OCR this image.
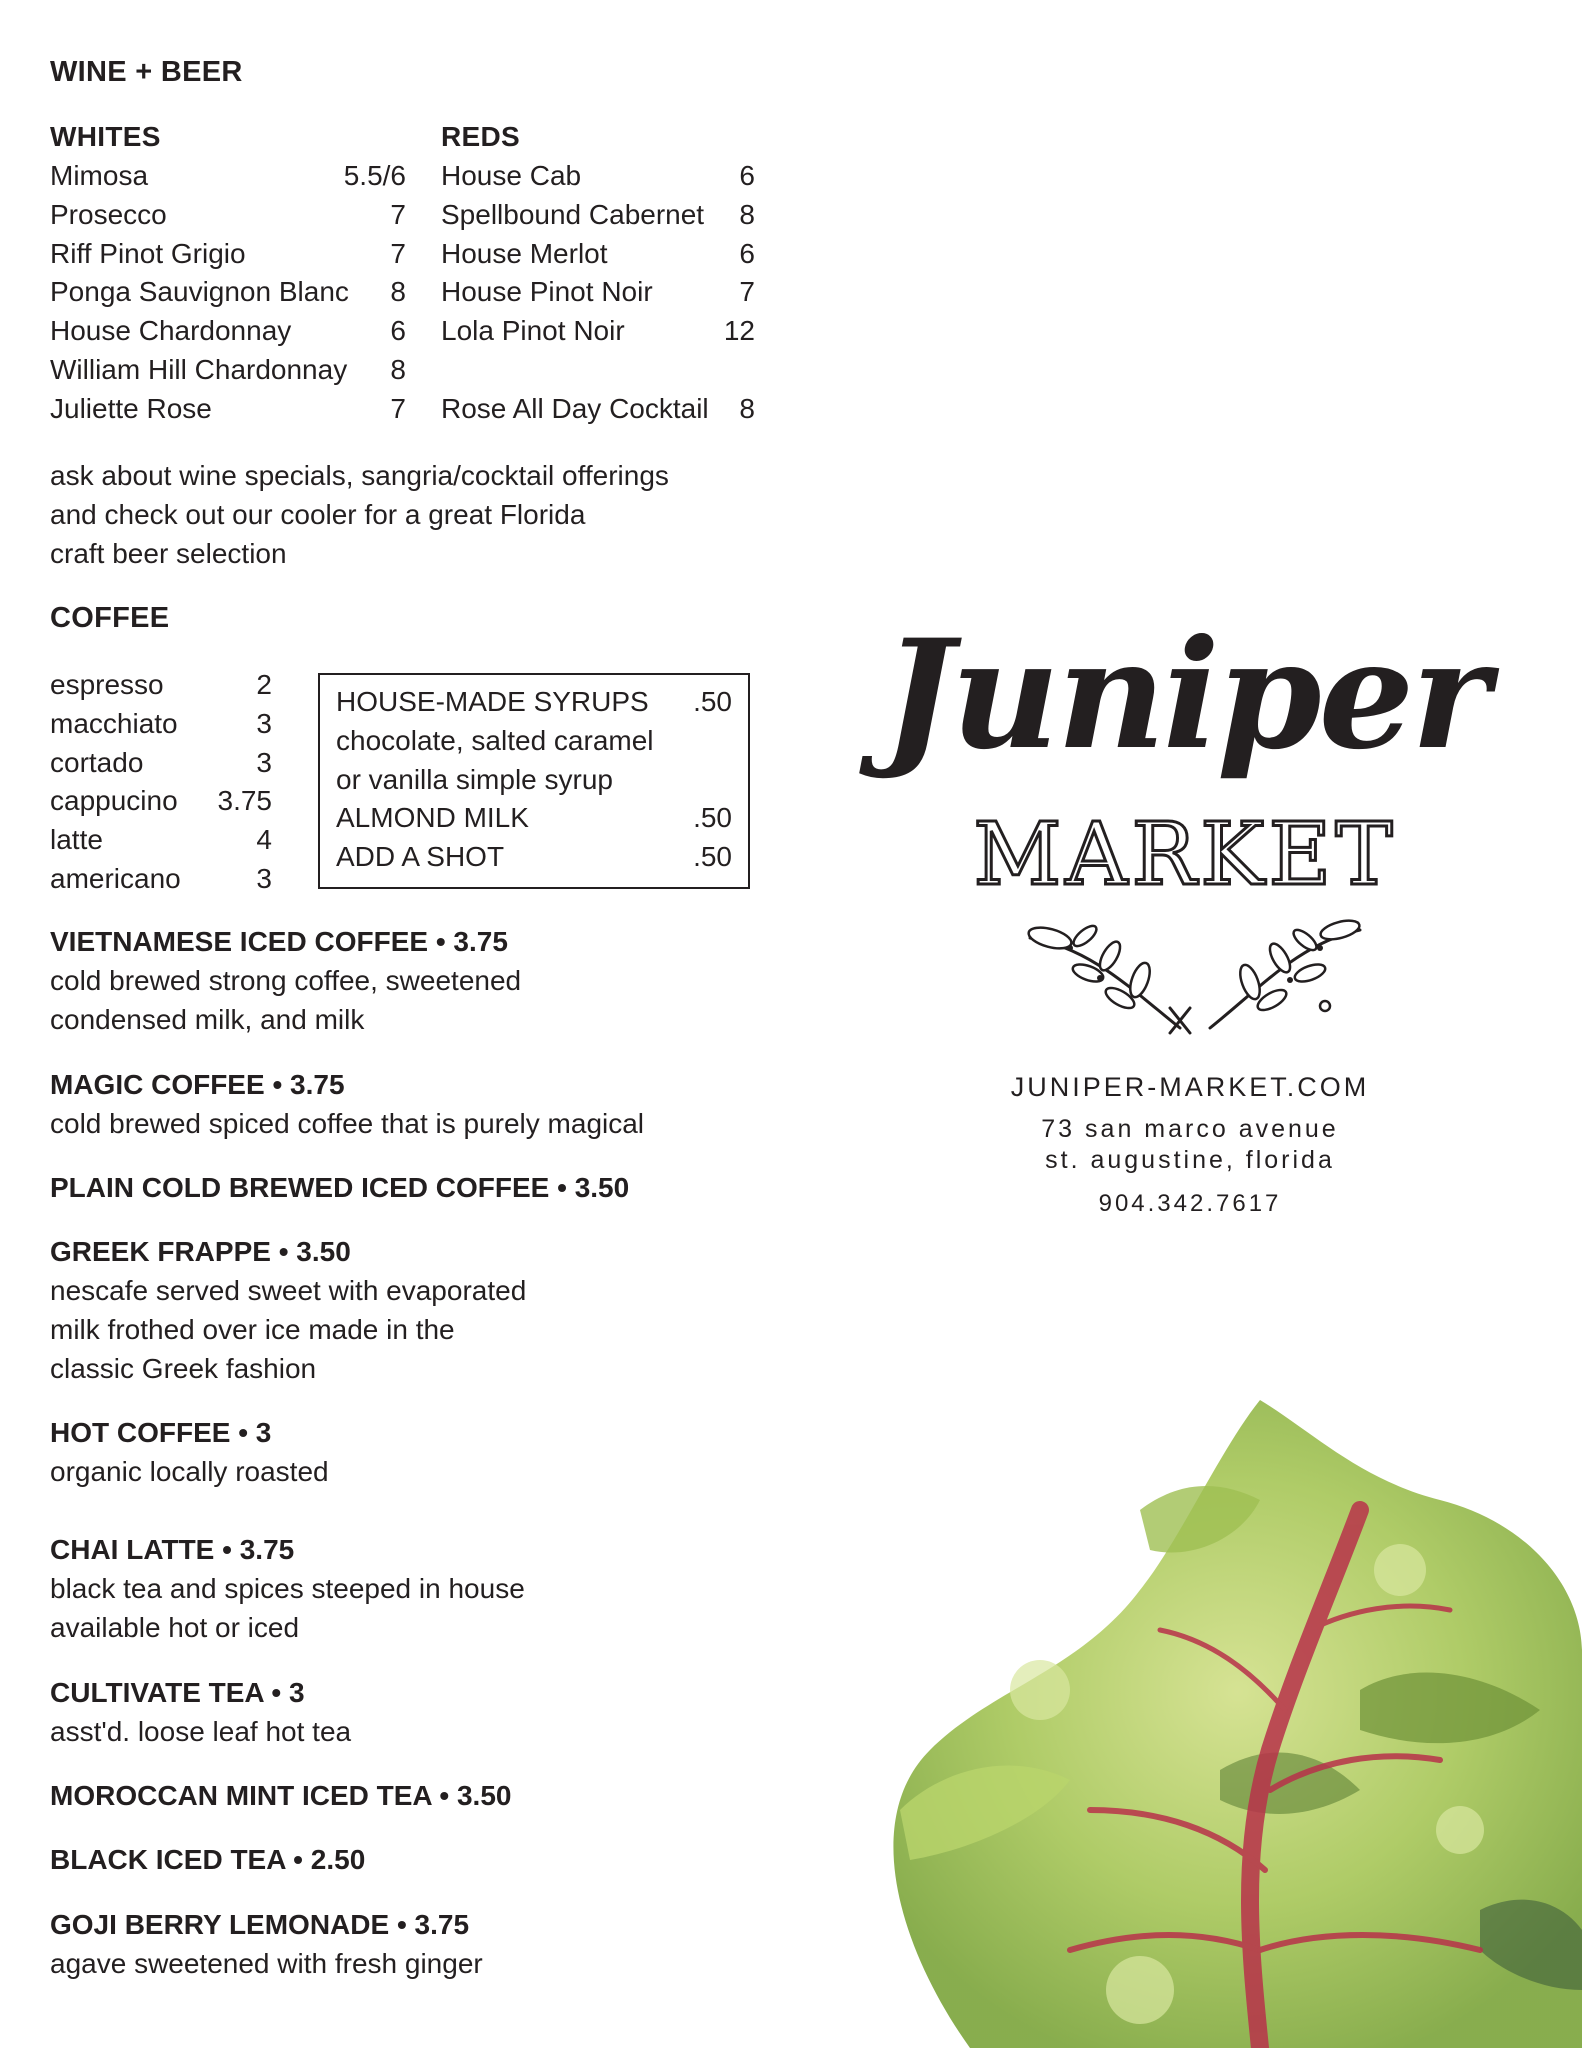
WINE + BEER
WHITES
Mimosa	5.5/6
Prosecco	7
Riff Pinot Grigio	7
Ponga Sauvignon Blanc 8
House Chardonnay	6
William Hill Chardonnay 8
Juliette Rose	7
REDS
House Cab	6
Spellbound Cabernet 8
House Merlot	6
House Pinot Noir	7
Lola Pinot Noir	12
Rose All Day Cocktail 8
ask about wine specials, sangria/cocktail offerings
and check out our cooler for a great Florida
craft beer selection
COFFEE
espresso	2
macchiato	3
cortado	3
cappucino 3.75
latte	4
americano	3
HOUSE-MADE SYRUPS .50
chocolate, salted caramel
or vanilla simple syrup
ALMOND MILK	.50
ADD A SHOT	.50
VIETNAMESE ICED COFFEE • 3.75
cold brewed strong coffee, sweetened
condensed milk, and milk
MAGIC COFFEE • 3.75
cold brewed spiced coffee that is purely magical
PLAIN COLD BREWED ICED COFFEE • 3.50
GREEK FRAPPE • 3.50
nescafe served sweet with evaporated
milk frothed over ice made in the
classic Greek fashion
HOT COFFEE • 3
organic locally roasted
CHAI LATTE • 3.75
black tea and spices steeped in house
available hot or iced
CULTIVATE TEA • 3
asst'd. loose leaf hot tea
MOROCCAN MINT ICED TEA • 3.50
BLACK ICED TEA • 2.50
GOJI BERRY LEMONADE • 3.75
agave sweetened with fresh ginger
Juniper
MARKET
JUNIPER-MARKET.COM
73 san marco avenue
st. augustine, florida
904.342.7617
